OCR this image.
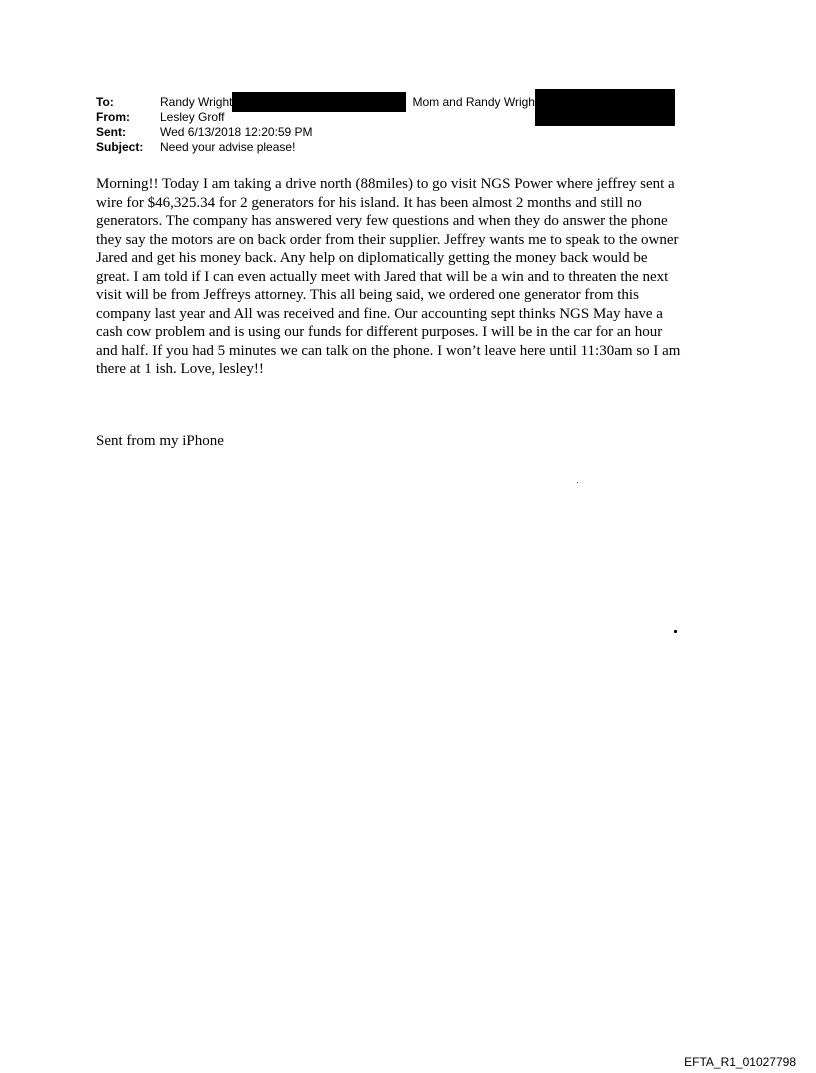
To:	Randy Wright	Mom and Randy Wrigh
From:	Lesley Groff
Sent:	Wed 6/13/2018 12:20:59 PM
Subject:	Need your advise please!
Morning!! Today I am taking a drive north (88miles) to go visit NGS Power where jeffrey sent a
wire for $46,325.34 for 2 generators for his island. It has been almost 2 months and still no
generators. The company has answered very few questions and when they do answer the phone
they say the motors are on back order from their supplier. Jeffrey wants me to speak to the owner
Jared and get his money back. Any help on diplomatically getting the money back would be
great. I am told if I can even actually meet with Jared that will be a win and to threaten the next
visit will be from Jeffreys attorney. This all being said, we ordered one generator from this
company last year and All was received and fine. Our accounting sept thinks NGS May have a
cash cow problem and is using our funds for different purposes. I will be in the car for an hour
and half. If you had 5 minutes we can talk on the phone. I won’t leave here until 11:30am so I am
there at 1 ish. Love, lesley!!
Sent from my iPhone
EFTA_R1_01027798
